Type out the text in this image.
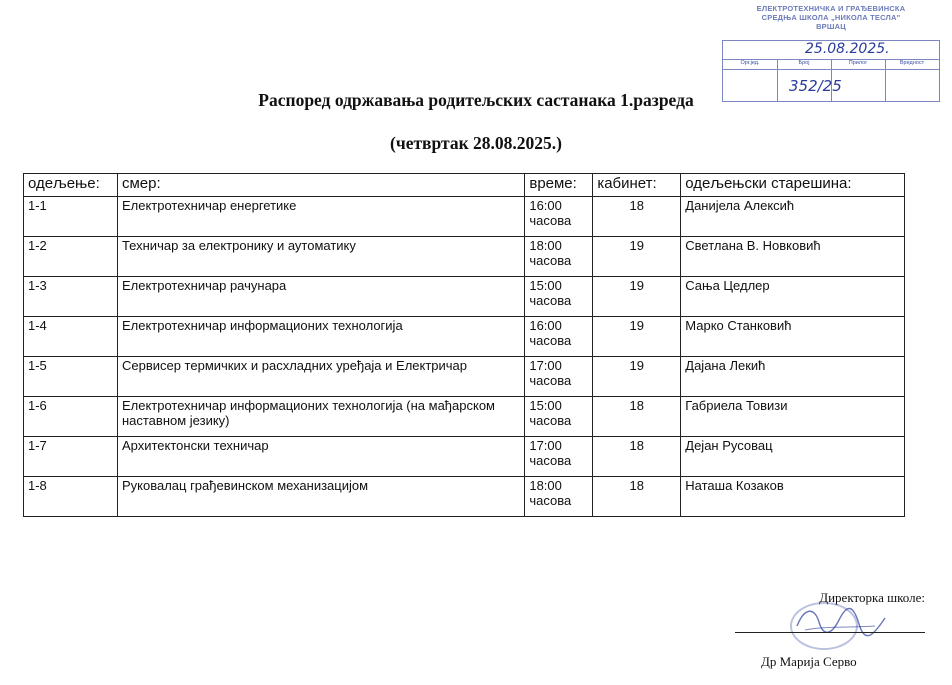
ЕЛЕКТРОТЕХНИЧКА И ГРАЂЕВИНСКА
СРЕДЊА ШКОЛА „НИКОЛА ТЕСЛА"
ВРШАЦ
Орг.јед.	Број	Прилог	Вредност
25.08.2025.
352/25
Распоред одржавања родитељских састанака 1.разреда
(четвртак 28.08.2025.)
одељење:	смер:	време:	кабинет:	одељењски старешина:
1-1	Електротехничар енергетике	16:00 часова	18	Данијела Алексић
1-2	Техничар за електронику и аутоматику	18:00 часова	19	Светлана В. Новковић
1-3	Електротехничар рачунара	15:00 часова	19	Сања Цедлер
1-4	Електротехничар информационих технологија	16:00 часова	19	Марко Станковић
1-5	Сервисер термичких и расхладних уређаја и Електричар	17:00 часова	19	Дајана Лекић
1-6	Електротехничар информационих технологија (на мађарском наставном језику)	15:00 часова	18	Габриела Товизи
1-7	Архитектонски техничар	17:00 часова	18	Дејан Русовац
1-8	Руковалац грађевинском механизацијом	18:00 часова	18	Наташа Козаков
Директорка школе:
Др Марија Серво
